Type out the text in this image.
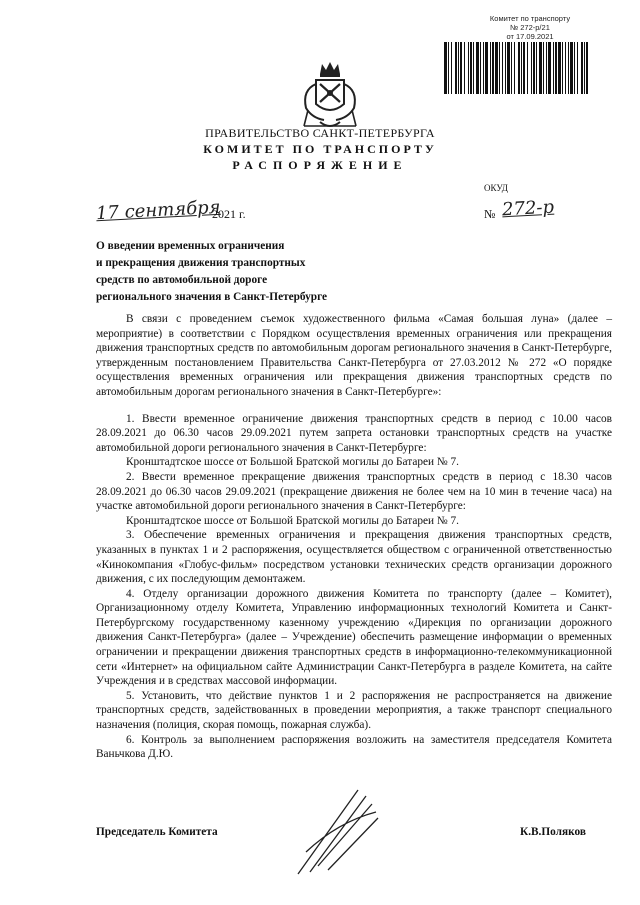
Комитет по транспорту
№ 272-р/21
от 17.09.2021
ПРАВИТЕЛЬСТВО САНКТ-ПЕТЕРБУРГА
КОМИТЕТ ПО ТРАНСПОРТУ
РАСПОРЯЖЕНИЕ
ОКУД
17 сентября
2021 г.	№ 272-р
О введении временных ограничения
и прекращения движения транспортных
средств по автомобильной дороге
регионального значения в Санкт-Петербурге

В связи с проведением съемок художественного фильма «Самая большая луна» (далее – мероприятие) в соответствии с Порядком осуществления временных ограничения или прекращения движения транспортных средств по автомобильным дорогам регионального значения в Санкт-Петербурге, утвержденным постановлением Правительства Санкт-Петербурга от 27.03.2012 № 272 «О порядке осуществления временных ограничения или прекращения движения транспортных средств по автомобильным дорогам регионального значения в Санкт-Петербурге»:

1. Ввести временное ограничение движения транспортных средств в период с 10.00 часов 28.09.2021 до 06.30 часов 29.09.2021 путем запрета остановки транспортных средств на участке автомобильной дороги регионального значения в Санкт-Петербурге:

Кронштадтское шоссе от Большой Братской могилы до Батареи № 7.

2. Ввести временное прекращение движения транспортных средств в период с 18.30 часов 28.09.2021 до 06.30 часов 29.09.2021 (прекращение движения не более чем на 10 мин в течение часа) на участке автомобильной дороги регионального значения в Санкт-Петербурге:

Кронштадтское шоссе от Большой Братской могилы до Батареи № 7.

3. Обеспечение временных ограничения и прекращения движения транспортных средств, указанных в пунктах 1 и 2 распоряжения, осуществляется обществом с ограниченной ответственностью «Кинокомпания «Глобус-фильм» посредством установки технических средств организации дорожного движения, с их последующим демонтажем.

4. Отделу организации дорожного движения Комитета по транспорту (далее – Комитет), Организационному отделу Комитета, Управлению информационных технологий Комитета и Санкт-Петербургскому государственному казенному учреждению «Дирекция по организации дорожного движения Санкт-Петербурга» (далее – Учреждение) обеспечить размещение информации о временных ограничении и прекращении движения транспортных средств в информационно-телекоммуникационной сети «Интернет» на официальном сайте Администрации Санкт-Петербурга в разделе Комитета, на сайте Учреждения и в средствах массовой информации.

5. Установить, что действие пунктов 1 и 2 распоряжения не распространяется на движение транспортных средств, задействованных в проведении мероприятия, а также транспорт специального назначения (полиция, скорая помощь, пожарная служба).

6. Контроль за выполнением распоряжения возложить на заместителя председателя Комитета Ваньчкова Д.Ю.

Председатель Комитета	К.В.Поляков
